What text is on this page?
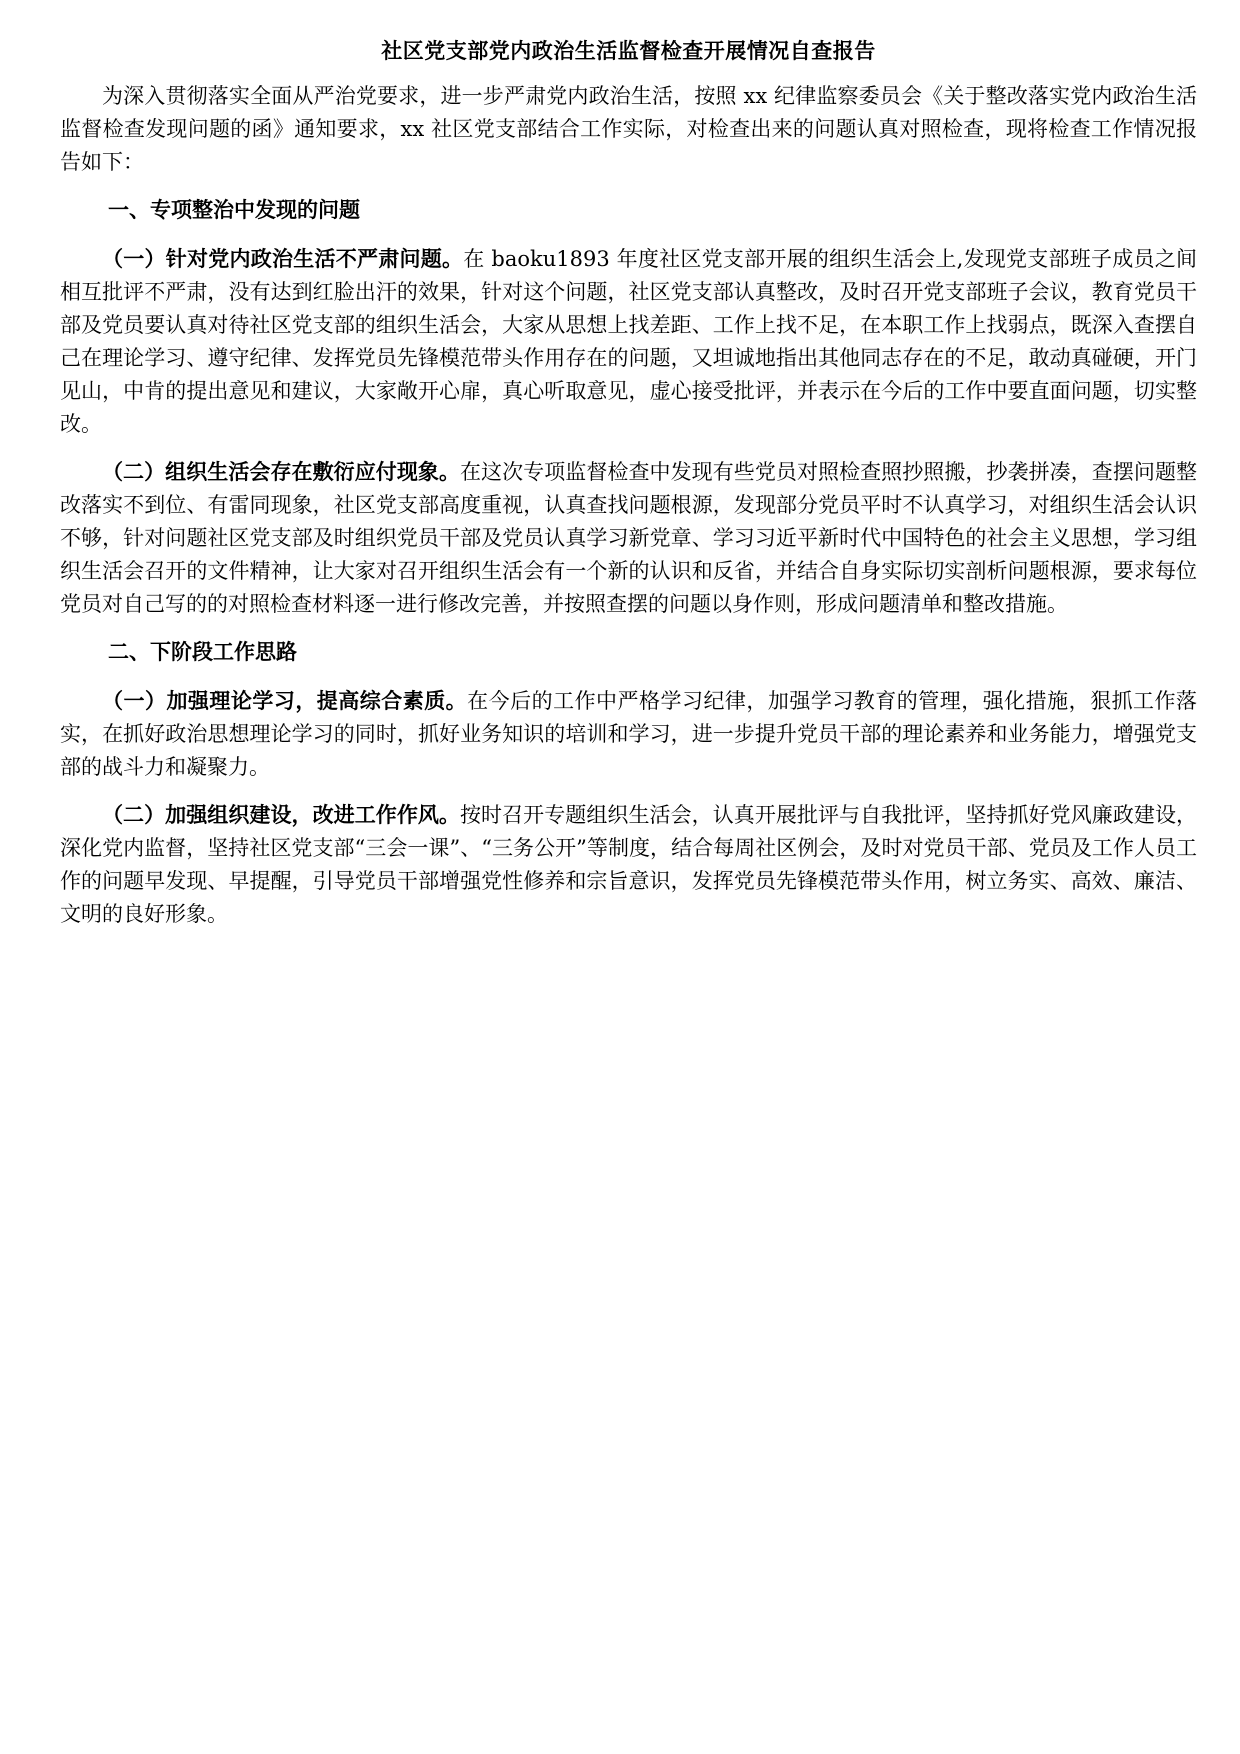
社区党支部党内政治生活监督检查开展情况自查报告

为深入贯彻落实全面从严治党要求，进一步严肃党内政治生活，按照 xx 纪律监察委员会《关于整改落实党内政治生活监督检查发现问题的函》通知要求，xx 社区党支部结合工作实际，对检查出来的问题认真对照检查，现将检查工作情况报告如下：

一、专项整治中发现的问题

（一）针对党内政治生活不严肃问题。在 baoku1893 年度社区党支部开展的组织生活会上,发现党支部班子成员之间相互批评不严肃，没有达到红脸出汗的效果，针对这个问题，社区党支部认真整改，及时召开党支部班子会议，教育党员干部及党员要认真对待社区党支部的组织生活会，大家从思想上找差距、工作上找不足，在本职工作上找弱点，既深入查摆自己在理论学习、遵守纪律、发挥党员先锋模范带头作用存在的问题，又坦诚地指出其他同志存在的不足，敢动真碰硬，开门见山，中肯的提出意见和建议，大家敞开心扉，真心听取意见，虚心接受批评，并表示在今后的工作中要直面问题，切实整改。

（二）组织生活会存在敷衍应付现象。在这次专项监督检查中发现有些党员对照检查照抄照搬，抄袭拼凑，查摆问题整改落实不到位、有雷同现象，社区党支部高度重视，认真查找问题根源，发现部分党员平时不认真学习，对组织生活会认识不够，针对问题社区党支部及时组织党员干部及党员认真学习新党章、学习习近平新时代中国特色的社会主义思想，学习组织生活会召开的文件精神，让大家对召开组织生活会有一个新的认识和反省，并结合自身实际切实剖析问题根源，要求每位党员对自己写的的对照检查材料逐一进行修改完善，并按照查摆的问题以身作则，形成问题清单和整改措施。

二、下阶段工作思路

（一）加强理论学习，提高综合素质。在今后的工作中严格学习纪律，加强学习教育的管理，强化措施，狠抓工作落实，在抓好政治思想理论学习的同时，抓好业务知识的培训和学习，进一步提升党员干部的理论素养和业务能力，增强党支部的战斗力和凝聚力。

（二）加强组织建设，改进工作作风。按时召开专题组织生活会，认真开展批评与自我批评，坚持抓好党风廉政建设，深化党内监督，坚持社区党支部“三会一课”、“三务公开”等制度，结合每周社区例会，及时对党员干部、党员及工作人员工作的问题早发现、早提醒，引导党员干部增强党性修养和宗旨意识，发挥党员先锋模范带头作用，树立务实、高效、廉洁、文明的良好形象。
